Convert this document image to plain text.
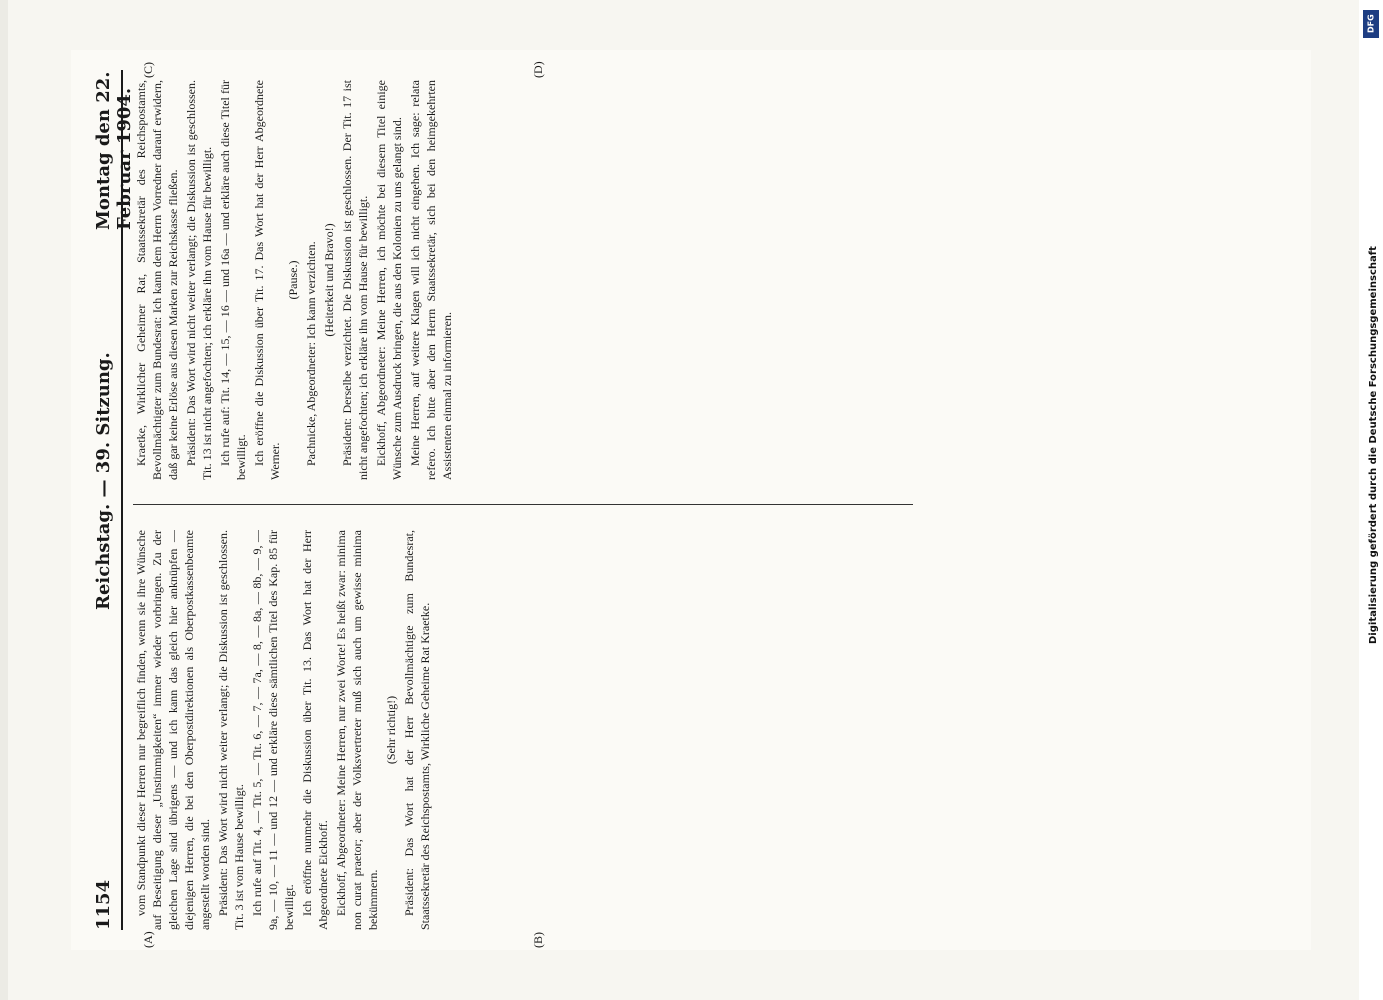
1154
Reichstag. — 39. Sitzung.
Montag den 22. Februar 1904.
(A)	(B)
(C)	(D)

vom Standpunkt dieser Herren nur begreiflich finden, wenn sie ihre Wünsche auf Beseitigung dieser „Unstimmigkeiten“ immer wieder vorbringen. Zu der gleichen Lage sind übrigens — und ich kann das gleich hier anknüpfen — diejenigen Herren, die bei den Oberpostdirektionen als Oberpostkassenbeamte angestellt worden sind. Präsident: Das Wort wird nicht weiter verlangt; die Diskussion ist geschlossen. Tit. 3 ist vom Hause bewilligt. Ich rufe auf Tit. 4, — Tit. 5, — Tit. 6, — 7, — 7a, — 8, — 8a, — 8b, — 9, — 9a, — 10, — 11 — und 12 — und erkläre diese sämtlichen Titel des Kap. 85 für bewilligt. Ich eröffne nunmehr die Diskussion über Tit. 13. Das Wort hat der Herr Abgeordnete Eickhoff. Eickhoff, Abgeordneter: Meine Herren, nur zwei Worte! Es heißt zwar: minima non curat praetor; aber der Volksvertreter muß sich auch um gewisse minima bekümmern.

(Sehr richtig!) Präsident: Das Wort hat der Herr Bevollmächtigte zum Bundesrat, Staatssekretär des Reichspostamts, Wirkliche Geheime Rat Kraetke.

Kraetke, Wirklicher Geheimer Rat, Staatssekretär des Reichspostamts, Bevollmächtigter zum Bundesrat: Ich kann dem Herrn Vorredner darauf erwidern, daß gar keine Erlöse aus diesen Marken zur Reichskasse fließen. Präsident: Das Wort wird nicht weiter verlangt; die Diskussion ist geschlossen. Tit. 13 ist nicht angefochten; ich erkläre ihn vom Hause für bewilligt. Ich rufe auf: Tit. 14, — 15, — 16 — und 16a — und erkläre auch diese Titel für bewilligt. Ich eröffne die Diskussion über Tit. 17. Das Wort hat der Herr Abgeordnete Werner.

(Pause.) Pachnicke, Abgeordneter: Ich kann verzichten. (Heiterkeit und Bravo!) Präsident: Derselbe verzichtet. Die Diskussion ist geschlossen. Der Tit. 17 ist nicht angefochten; ich erkläre ihn vom Hause für bewilligt. Eickhoff, Abgeordneter: Meine Herren, ich möchte bei diesem Titel einige Wünsche zum Ausdruck bringen, die aus den Kolonien zu uns gelangt sind. Meine Herren, auf weitere Klagen will ich nicht eingehen. Ich sage: relata refero. Ich bitte aber den Herrn Staatssekretär, sich bei den heimgekehrten Assistenten einmal zu informieren.

DFG
Digitalisierung gefördert durch die Deutsche Forschungsgemeinschaft
